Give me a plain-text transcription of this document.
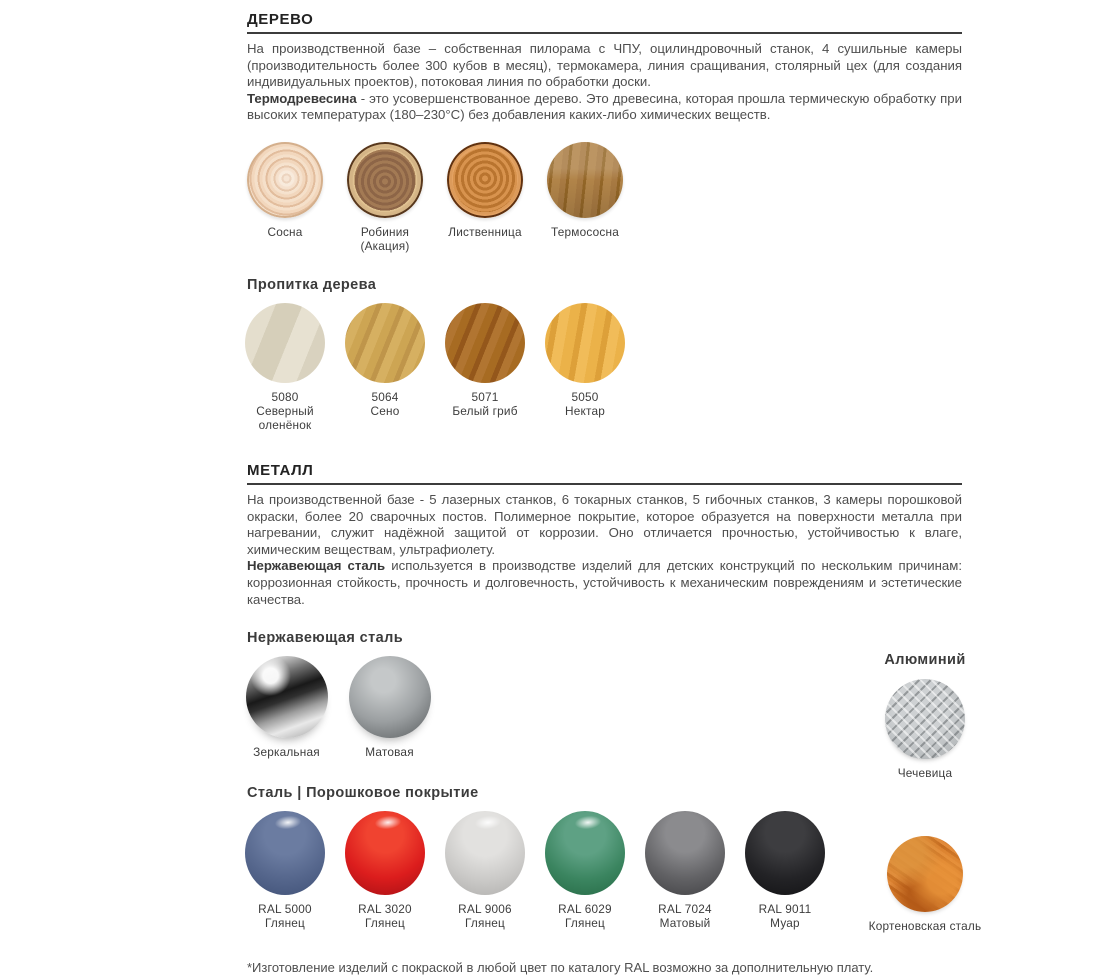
ДЕРЕВО
На производственной базе – собственная пилорама с ЧПУ, оцилиндровочный станок, 4 сушильные камеры (производительность более 300 кубов в месяц), термокамера, линия сращивания, столярный цех (для создания индивидуальных проектов), потоковая линия по обработки доски.
Термодревесина - это усовершенствованное дерево. Это древесина, которая прошла термическую обработку при высоких температурах (180–230°С) без добавления каких-либо химических веществ.
Сосна	Робиния (Акация)
Лиственница	Термососна
Пропитка дерева
5080
Северный оленёнок
5064
Сено
5071
Белый гриб
5050
Нектар
МЕТАЛЛ
На производственной базе - 5 лазерных станков, 6 токарных станков, 5 гибочных станков, 3 камеры порошковой окраски, более 20 сварочных постов. Полимерное покрытие, которое образуется на поверхности металла при нагревании, служит надёжной защитой от коррозии. Оно отличается прочностью, устойчивостью к влаге, химическим веществам, ультрафиолету.
Нержавеющая сталь используется в производстве изделий для детских конструкций по нескольким причинам: коррозионная стойкость, прочность и долговечность, устойчивость к механическим повреждениям и эстетические качества.
Нержавеющая сталь
Зеркальная	Матовая
Алюминий
Чечевица
Сталь | Порошковое покрытие
RAL 5000
Глянец
RAL 3020
Глянец
RAL 9006
Глянец
RAL 6029
Глянец
RAL 7024
Матовый
RAL 9011
Муар	Кортеновская сталь
*Изготовление изделий с покраской в любой цвет по каталогу RAL возможно за дополнительную плату.
